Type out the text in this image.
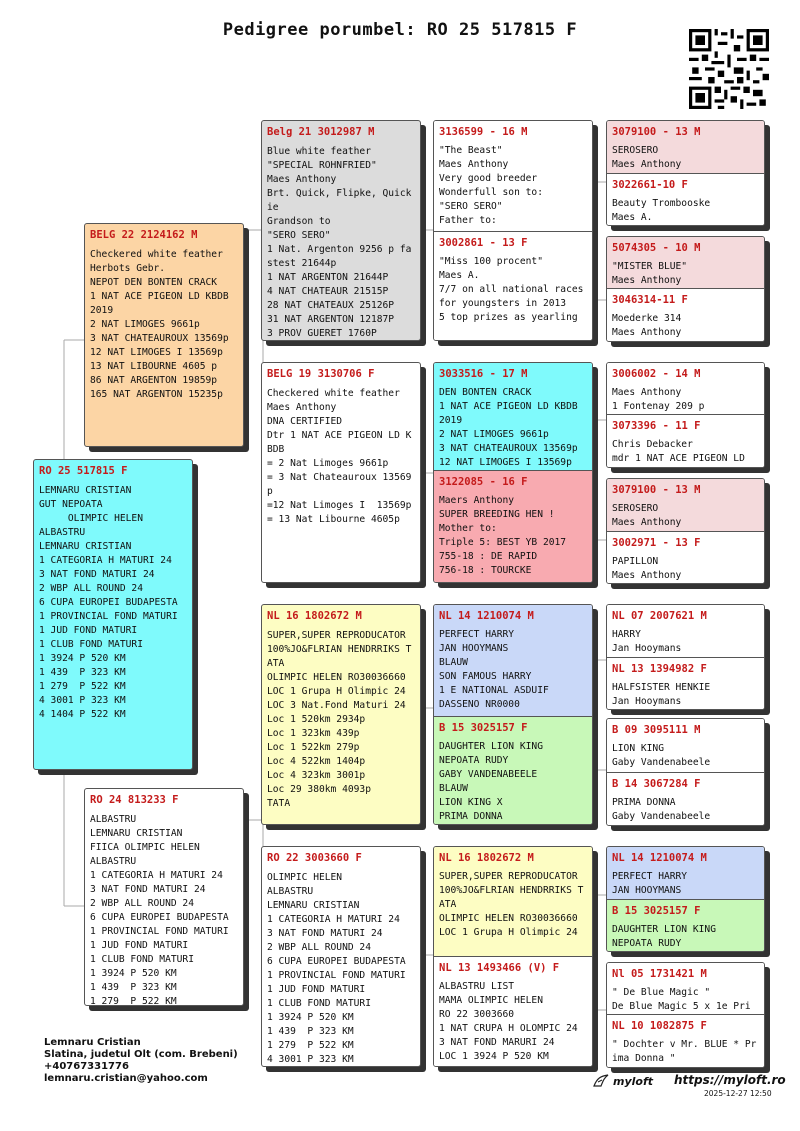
Pedigree porumbel: RO 25 517815 F
RO 25 517815 F
LEMNARU CRISTIAN
GUT NEPOATA
OLIMPIC HELEN
ALBASTRU
LEMNARU CRISTIAN
1 CATEGORIA H MATURI 24
3 NAT FOND MATURI 24
2 WBP ALL ROUND 24
6 CUPA EUROPEI BUDAPESTA
1 PROVINCIAL FOND MATURI
1 JUD FOND MATURI
1 CLUB FOND MATURI
1 3924 P 520 KM
1 439  P 323 KM
1 279  P 522 KM
4 3001 P 323 KM
4 1404 P 522 KM
BELG 22 2124162 M
Checkered white feather
Herbots Gebr.
NEPOT DEN BONTEN CRACK
1 NAT ACE PIGEON LD KBDB 2019
2 NAT LIMOGES 9661p
3 NAT CHATEAUROUX 13569p
12 NAT LIMOGES I 13569p
13 NAT LIBOURNE 4605 p
86 NAT ARGENTON 19859p
165 NAT ARGENTON 15235p
RO 24 813233 F
ALBASTRU
LEMNARU CRISTIAN
FIICA OLIMPIC HELEN
ALBASTRU
1 CATEGORIA H MATURI 24
3 NAT FOND MATURI 24
2 WBP ALL ROUND 24
6 CUPA EUROPEI BUDAPESTA
1 PROVINCIAL FOND MATURI
1 JUD FOND MATURI
1 CLUB FOND MATURI
1 3924 P 520 KM
1 439  P 323 KM
1 279  P 522 KM
Belg 21 3012987 M
Blue white feather
"SPECIAL ROHNFRIED"
Maes Anthony
Brt. Quick, Flipke, Quickie
Grandson to
"SERO SERO"
1 Nat. Argenton 9256 p fastest 21644p
1 NAT ARGENTON 21644P
4 NAT CHATEAUR 21515P
28 NAT CHATEAUX 25126P
31 NAT ARGENTON 12187P
3 PROV GUERET 1760P
BELG 19 3130706 F
Checkered white feather
Maes Anthony
DNA CERTIFIED
Dtr 1 NAT ACE PIGEON LD KBDB
= 2 Nat Limoges 9661p
= 3 Nat Chateauroux 13569p
=12 Nat Limoges I  13569p
= 13 Nat Libourne 4605p
NL 16 1802672 M
SUPER,SUPER REPRODUCATOR
100%JO&FLRIAN HENDRRIKS TATA
OLIMPIC HELEN RO30036660
LOC 1 Grupa H Olimpic 24
LOC 3 Nat.Fond Maturi 24
Loc 1 520km 2934p
Loc 1 323km 439p
Loc 1 522km 279p
Loc 4 522km 1404p
Loc 4 323km 3001p
Loc 29 380km 4093p
TATA
RO 22 3003660 F
OLIMPIC HELEN
ALBASTRU
LEMNARU CRISTIAN
1 CATEGORIA H MATURI 24
3 NAT FOND MATURI 24
2 WBP ALL ROUND 24
6 CUPA EUROPEI BUDAPESTA
1 PROVINCIAL FOND MATURI
1 JUD FOND MATURI
1 CLUB FOND MATURI
1 3924 P 520 KM
1 439  P 323 KM
1 279  P 522 KM
4 3001 P 323 KM
3136599 - 16 M
"The Beast"
Maes Anthony
Very good breeder
Wonderfull son to:
"SERO SERO"
Father to:
3002861 - 13 F
"Miss 100 procent"
Maes A.
7/7 on all national races for youngsters in 2013
5 top prizes as yearling
3033516 - 17 M
DEN BONTEN CRACK
1 NAT ACE PIGEON LD KBDB 2019
2 NAT LIMOGES 9661p
3 NAT CHATEAUROUX 13569p
12 NAT LIMOGES I 13569p
3122085 - 16 F
Maers Anthony
SUPER BREEDING HEN !
Mother to:
Triple 5: BEST YB 2017
755-18 : DE RAPID
756-18 : TOURCKE
NL 14 1210074 M
PERFECT HARRY
JAN HOOYMANS
BLAUW
SON FAMOUS HARRY
1 E NATIONAL ASDUIF
DASSENO NR0000
B 15 3025157 F
DAUGHTER LION KING
NEPOATA RUDY
GABY VANDENABEELE
BLAUW
LION KING X
PRIMA DONNA
NL 16 1802672 M
SUPER,SUPER REPRODUCATOR
100%JO&FLRIAN HENDRRIKS TATA
OLIMPIC HELEN RO30036660
LOC 1 Grupa H Olimpic 24
NL 13 1493466 (V) F
ALBASTRU LIST
MAMA OLIMPIC HELEN
RO 22 3003660
1 NAT CRUPA H OLOMPIC 24
3 NAT FOND MARURI 24
LOC 1 3924 P 520 KM
3079100 - 13 M
SEROSERO
Maes Anthony
3022661-10 F
Beauty Trombooske
Maes A.
5074305 - 10 M
"MISTER BLUE"
Maes Anthony
3046314-11 F
Moederke 314
Maes Anthony
3006002 - 14 M
Maes Anthony
1 Fontenay 209 p
3073396 - 11 F
Chris Debacker
mdr 1 NAT ACE PIGEON LD
3079100 - 13 M
SEROSERO
Maes Anthony
3002971 - 13 F
PAPILLON
Maes Anthony
NL 07 2007621 M
HARRY
Jan Hooymans
NL 13 1394982 F
HALFSISTER HENKIE
Jan Hooymans
B 09 3095111 M
LION KING
Gaby Vandenabeele
B 14 3067284 F
PRIMA DONNA
Gaby Vandenabeele
NL 14 1210074 M
PERFECT HARRY
JAN HOOYMANS
B 15 3025157 F
DAUGHTER LION KING
NEPOATA RUDY
Nl 05 1731421 M
" De Blue Magic "
De Blue Magic 5 x 1e Pri
NL 10 1082875 F
" Dochter v Mr. BLUE * Prima Donna "
Lemnaru Cristian
Slatina, judetul Olt (com. Brebeni)
+40767331776
lemnaru.cristian@yahoo.com	myloft https://myloft.ro
2025-12-27 12:50
